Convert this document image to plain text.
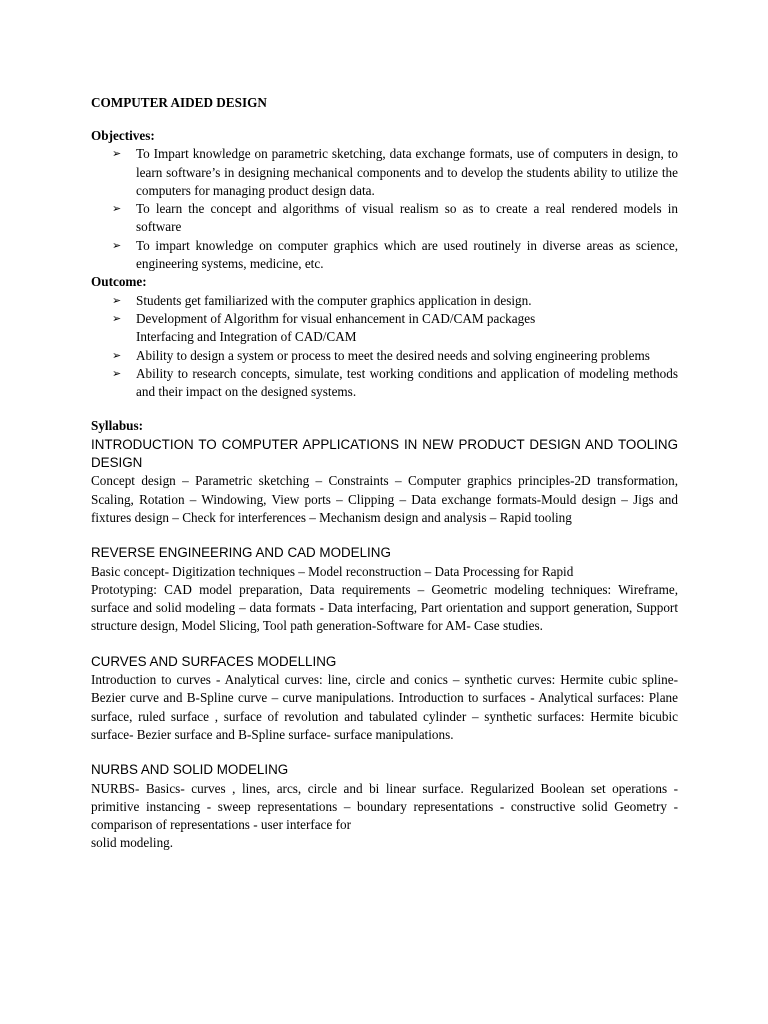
COMPUTER AIDED DESIGN

Objectives:

➢ To Impart knowledge on parametric sketching, data exchange formats, use of computers in design, to learn software’s in designing mechanical components and to develop the students ability to utilize the computers for managing product design data.
➢ To learn the concept and algorithms of visual realism so as to create a real rendered models in software
➢ To impart knowledge on computer graphics which are used routinely in diverse areas as science, engineering systems, medicine, etc.

Outcome:

➢ Students get familiarized with the computer graphics application in design.
➢ Development of Algorithm for visual enhancement in CAD/CAM packages
Interfacing and Integration of CAD/CAM
➢ Ability to design a system or process to meet the desired needs and solving engineering problems
➢ Ability to research concepts, simulate, test working conditions and application of modeling methods and their impact on the designed systems.

Syllabus:

INTRODUCTION TO COMPUTER APPLICATIONS IN NEW PRODUCT DESIGN AND TOOLING DESIGN

Concept design – Parametric sketching – Constraints – Computer graphics principles-2D transformation, Scaling, Rotation – Windowing, View ports – Clipping – Data exchange formats-Mould design – Jigs and fixtures design – Check for interferences – Mechanism design and analysis – Rapid tooling

REVERSE ENGINEERING AND CAD MODELING

Basic concept- Digitization techniques – Model reconstruction – Data Processing for Rapid

Prototyping: CAD model preparation, Data requirements – Geometric modeling techniques: Wireframe, surface and solid modeling – data formats - Data interfacing, Part orientation and support generation, Support structure design, Model Slicing, Tool path generation-Software for AM- Case studies.

CURVES AND SURFACES MODELLING

Introduction to curves - Analytical curves: line, circle and conics – synthetic curves: Hermite cubic spline- Bezier curve and B-Spline curve – curve manipulations. Introduction to surfaces - Analytical surfaces: Plane surface, ruled surface , surface of revolution and tabulated cylinder – synthetic surfaces: Hermite bicubic surface- Bezier surface and B-Spline surface- surface manipulations.

NURBS AND SOLID MODELING

NURBS- Basics- curves , lines, arcs, circle and bi linear surface. Regularized Boolean set operations - primitive instancing - sweep representations – boundary representations - constructive solid Geometry - comparison of representations - user interface for

solid modeling.
